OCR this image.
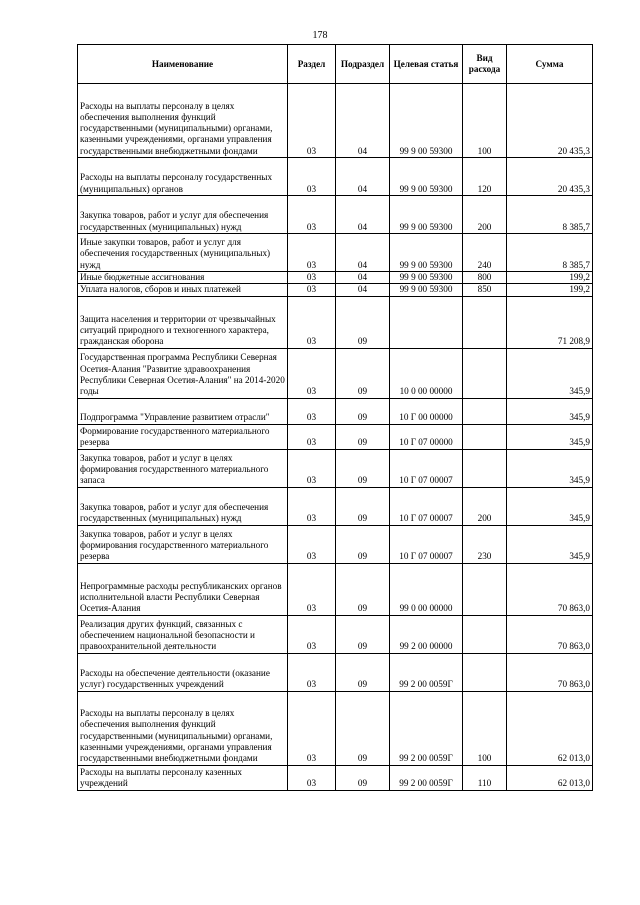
178
Наименование	Раздел	Подраздел	Целевая статья	Вид расхода	Сумма
Расходы на выплаты персоналу в целях обеспечения выполнения функций государственными (муниципальными) органами, казенными учреждениями, органами управления государственными внебюджетными фондами	03	04	99 9 00 59300	100	20 435,3
Расходы на выплаты персоналу государственных (муниципальных) органов	03	04	99 9 00 59300	120	20 435,3
Закупка товаров, работ и услуг для обеспечения государственных (муниципальных) нужд	03	04	99 9 00 59300	200	8 385,7
Иные закупки товаров, работ и услуг для обеспечения государственных (муниципальных) нужд	03	04	99 9 00 59300	240	8 385,7
Иные бюджетные ассигнования	03	04	99 9 00 59300	800	199,2
Уплата налогов, сборов и иных платежей	03	04	99 9 00 59300	850	199,2
Защита населения и территории от чрезвычайных ситуаций природного и техногенного характера, гражданская оборона	03	09			71 208,9
Государственная программа Республики Северная Осетия-Алания "Развитие здравоохранения Республики Северная Осетия-Алания" на 2014-2020 годы	03	09	10 0 00 00000		345,9
Подпрограмма "Управление развитием отрасли"	03	09	10 Г 00 00000		345,9
Формирование государственного материального резерва	03	09	10 Г 07 00000		345,9
Закупка товаров, работ и услуг в целях формирования государственного материального запаса	03	09	10 Г 07 00007		345,9
Закупка товаров, работ и услуг для обеспечения государственных (муниципальных) нужд	03	09	10 Г 07 00007	200	345,9
Закупка товаров, работ и услуг в целях формирования государственного материального резерва	03	09	10 Г 07 00007	230	345,9
Непрограммные расходы республиканских органов исполнительной власти Республики Северная Осетия-Алания	03	09	99 0 00 00000		70 863,0
Реализация других функций, связанных с обеспечением национальной безопасности и правоохранительной деятельности	03	09	99 2 00 00000		70 863,0
Расходы на обеспечение деятельности (оказание услуг) государственных учреждений	03	09	99 2 00 0059Г		70 863,0
Расходы на выплаты персоналу в целях обеспечения выполнения функций государственными (муниципальными) органами, казенными учреждениями, органами управления государственными внебюджетными фондами	03	09	99 2 00 0059Г	100	62 013,0
Расходы на выплаты персоналу казенных учреждений	03	09	99 2 00 0059Г	110	62 013,0
